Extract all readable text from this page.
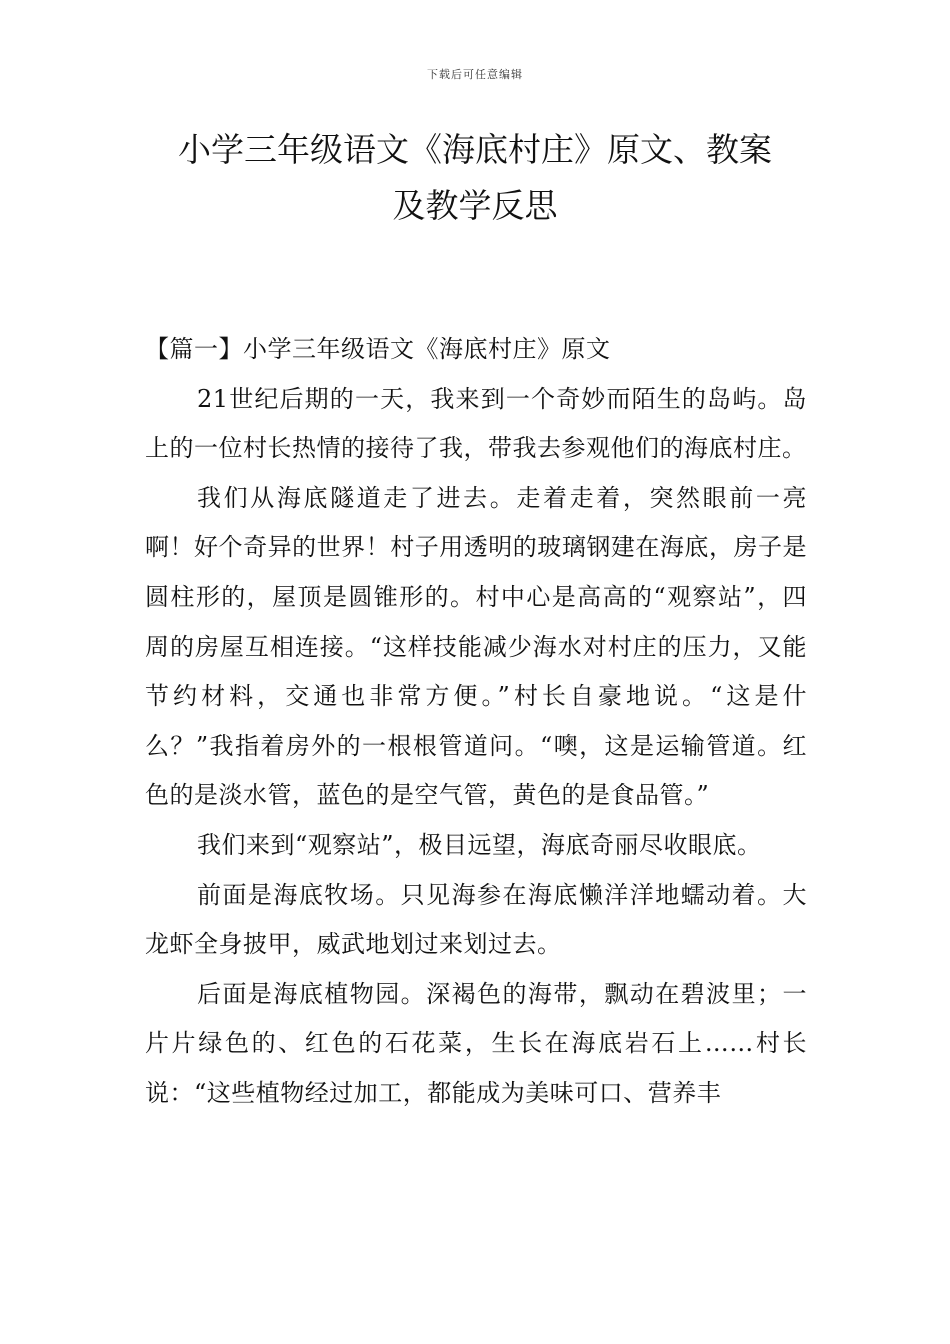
下载后可任意编辑
小学三年级语文《海底村庄》原文、教案
及教学反思

【篇一】小学三年级语文《海底村庄》原文

21世纪后期的一天，我来到一个奇妙而陌生的岛屿。岛上的一位村长热情的接待了我，带我去参观他们的海底村庄。

我们从海底隧道走了进去。走着走着，突然眼前一亮啊！好个奇异的世界！村子用透明的玻璃钢建在海底，房子是圆柱形的，屋顶是圆锥形的。村中心是高高的“观察站”，四周的房屋互相连接。“这样技能减少海水对村庄的压力，又能节约材料，交通也非常方便。”村长自豪地说。“这是什么？”我指着房外的一根根管道问。“噢，这是运输管道。红色的是淡水管，蓝色的是空气管，黄色的是食品管。”

我们来到“观察站”，极目远望，海底奇丽尽收眼底。

前面是海底牧场。只见海参在海底懒洋洋地蠕动着。大龙虾全身披甲，威武地划过来划过去。

后面是海底植物园。深褐色的海带，飘动在碧波里；一片片绿色的、红色的石花菜，生长在海底岩石上……村长说：“这些植物经过加工，都能成为美味可口、营养丰
